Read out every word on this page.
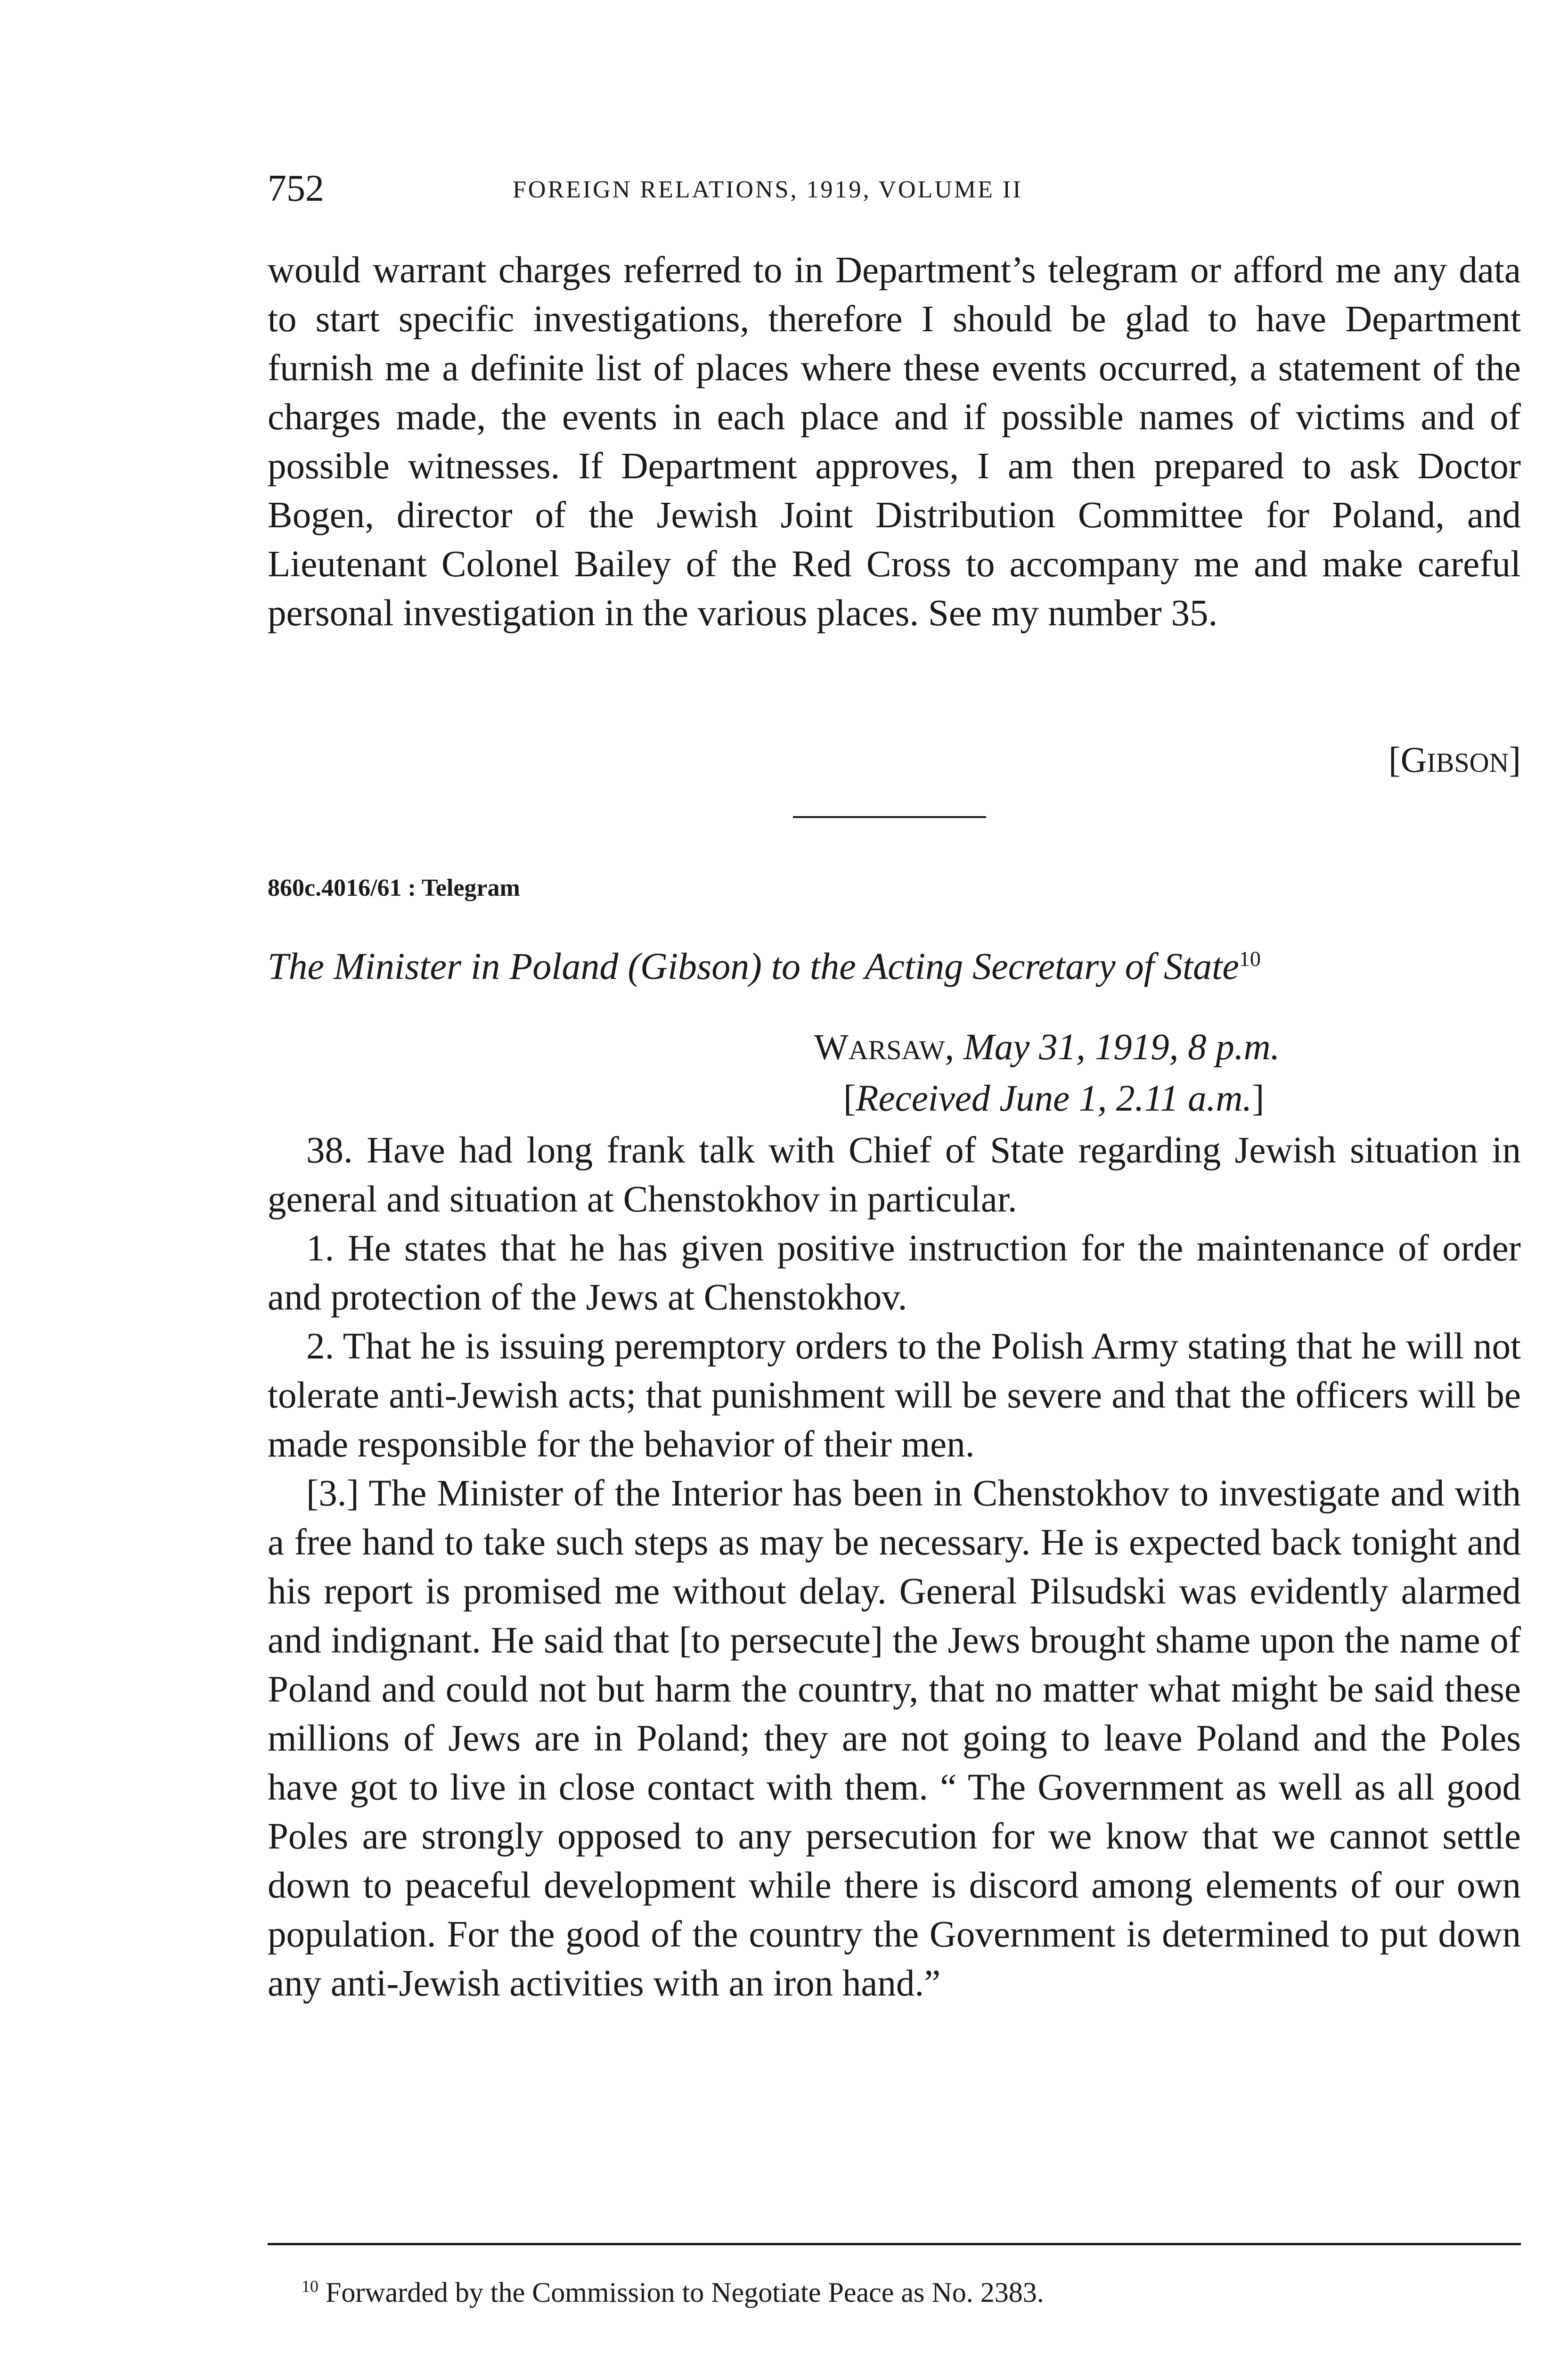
752	FOREIGN RELATIONS, 1919, VOLUME II

would warrant charges referred to in Department’s telegram or afford me any data to start specific investigations, therefore I should be glad to have Department furnish me a definite list of places where these events occurred, a statement of the charges made, the events in each place and if possible names of victims and of possible witnesses. If Department approves, I am then prepared to ask Doctor Bogen, director of the Jewish Joint Distribution Committee for Poland, and Lieutenant Colonel Bailey of the Red Cross to accompany me and make careful personal investigation in the various places. See my number 35.

[GIBSON]
860c.4016/61 : Telegram
The Minister in Poland (Gibson) to the Acting Secretary of State$^{10}$
WARSAW, May 31, 1919, 8 p.m.
[Received June 1, 2.11 a.m.]

38. Have had long frank talk with Chief of State regarding Jewish situation in general and situation at Chenstokhov in particular.

1. He states that he has given positive instruction for the maintenance of order and protection of the Jews at Chenstokhov.

2. That he is issuing peremptory orders to the Polish Army stating that he will not tolerate anti-Jewish acts; that punishment will be severe and that the officers will be made responsible for the behavior of their men.

[3.] The Minister of the Interior has been in Chenstokhov to investigate and with a free hand to take such steps as may be necessary. He is expected back tonight and his report is promised me without delay. General Pilsudski was evidently alarmed and indignant. He said that [to persecute] the Jews brought shame upon the name of Poland and could not but harm the country, that no matter what might be said these millions of Jews are in Poland; they are not going to leave Poland and the Poles have got to live in close contact with them. “ The Government as well as all good Poles are strongly opposed to any persecution for we know that we cannot settle down to peaceful development while there is discord among elements of our own population. For the good of the country the Government is determined to put down any anti-Jewish activities with an iron hand.”

$^{10}$ Forwarded by the Commission to Negotiate Peace as No. 2383.
